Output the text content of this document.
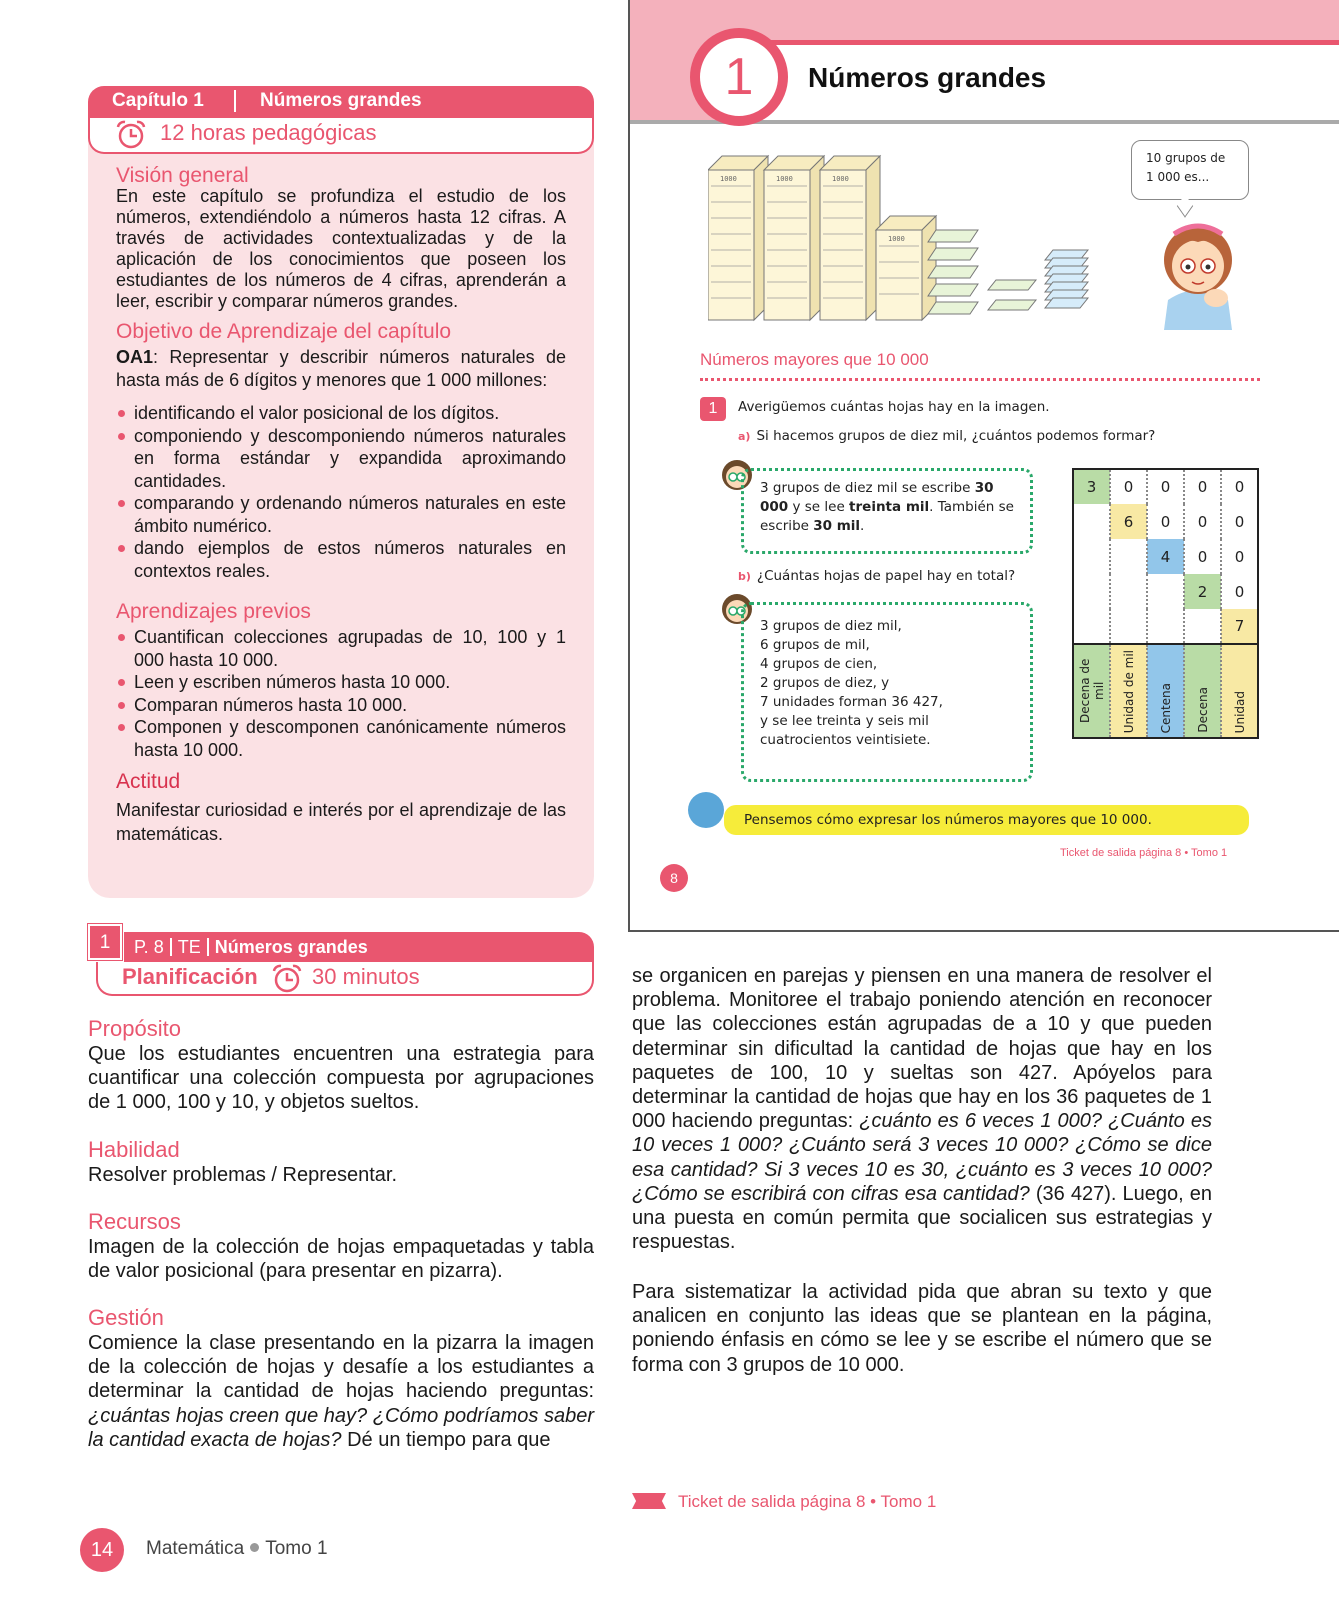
Capítulo 1	Números grandes
12 horas pedagógicas
Visión general
En este capítulo se profundiza el estudio de los números, extendiéndolo a números hasta 12 cifras. A través de actividades contextualizadas y de la aplicación de los conocimientos que poseen los estudiantes de los números de 4 cifras, aprenderán a leer, escribir y comparar números grandes.
Objetivo de Aprendizaje del capítulo
OA1: Representar y describir números naturales de hasta más de 6 dígitos y menores que 1 000 millones:
identificando el valor posicional de los dígitos.
componiendo y descomponiendo números naturales en forma estándar y expandida aproximando cantidades.
comparando y ordenando números naturales en este ámbito numérico.
dando ejemplos de estos números naturales en contextos reales.
Aprendizajes previos
Cuantifican colecciones agrupadas de 10, 100 y 1 000 hasta 10 000.
Leen y escriben números hasta 10 000.
Comparan números hasta 10 000.
Componen y descomponen canónicamente números hasta 10 000.
Actitud
Manifestar curiosidad e interés por el aprendizaje de las matemáticas.
1	Números grandes
1000	1000	1000
1000
10 grupos de 1 000 es...
Números mayores que 10 000
1	Averigüemos cuántas hojas hay en la imagen.
a) Si hacemos grupos de diez mil, ¿cuántos podemos formar?
3 grupos de diez mil se escribe 30 000 y se lee treinta mil. También se escribe 30 mil.
b) ¿Cuántas hojas de papel hay en total?
3 grupos de diez mil,
6 grupos de mil,
4 grupos de cien,
2 grupos de diez, y
7 unidades forman 36 427,
y se lee treinta y seis mil
cuatrocientos veintisiete.
3	0	0	0	0
	6	0	0	0
		4	0	0
			2	0
				7
Decena de mil	Unidad de mil	Centena	Decena	Unidad
Pensemos cómo expresar los números mayores que 10 000.
Ticket de salida página 8 • Tomo 1
8
1	P. 8 TE Números grandes
Planificación 30 minutos
Propósito
Que los estudiantes encuentren una estrategia para cuantificar una colección compuesta por agrupaciones de 1 000, 100 y 10, y objetos sueltos.
Habilidad
Resolver problemas / Representar.
Recursos
Imagen de la colección de hojas empaquetadas y tabla de valor posicional (para presentar en pizarra).
Gestión
Comience la clase presentando en la pizarra la imagen de la colección de hojas y desafíe a los estudiantes a determinar la cantidad de hojas haciendo preguntas: ¿cuántas hojas creen que hay? ¿Cómo podríamos saber la cantidad exacta de hojas? Dé un tiempo para que
se organicen en parejas y piensen en una manera de resolver el problema. Monitoree el trabajo poniendo atención en reconocer que las colecciones están agrupadas de a 10 y que pueden determinar sin dificultad la cantidad de hojas que hay en los paquetes de 100, 10 y sueltas son 427. Apóyelos para determinar la cantidad de hojas que hay en los 36 paquetes de 1 000 haciendo preguntas: ¿cuánto es 6 veces 1 000? ¿Cuánto es 10 veces 1 000? ¿Cuánto será 3 veces 10 000? ¿Cómo se dice esa cantidad? Si 3 veces 10 es 30, ¿cuánto es 3 veces 10 000? ¿Cómo se escribirá con cifras esa cantidad? (36 427). Luego, en una puesta en común permita que socialicen sus estrategias y respuestas.
Para sistematizar la actividad pida que abran su texto y que analicen en conjunto las ideas que se plantean en la página, poniendo énfasis en cómo se lee y se escribe el número que se forma con 3 grupos de 10 000.
Ticket de salida página 8 • Tomo 1
14	Matemática Tomo 1
